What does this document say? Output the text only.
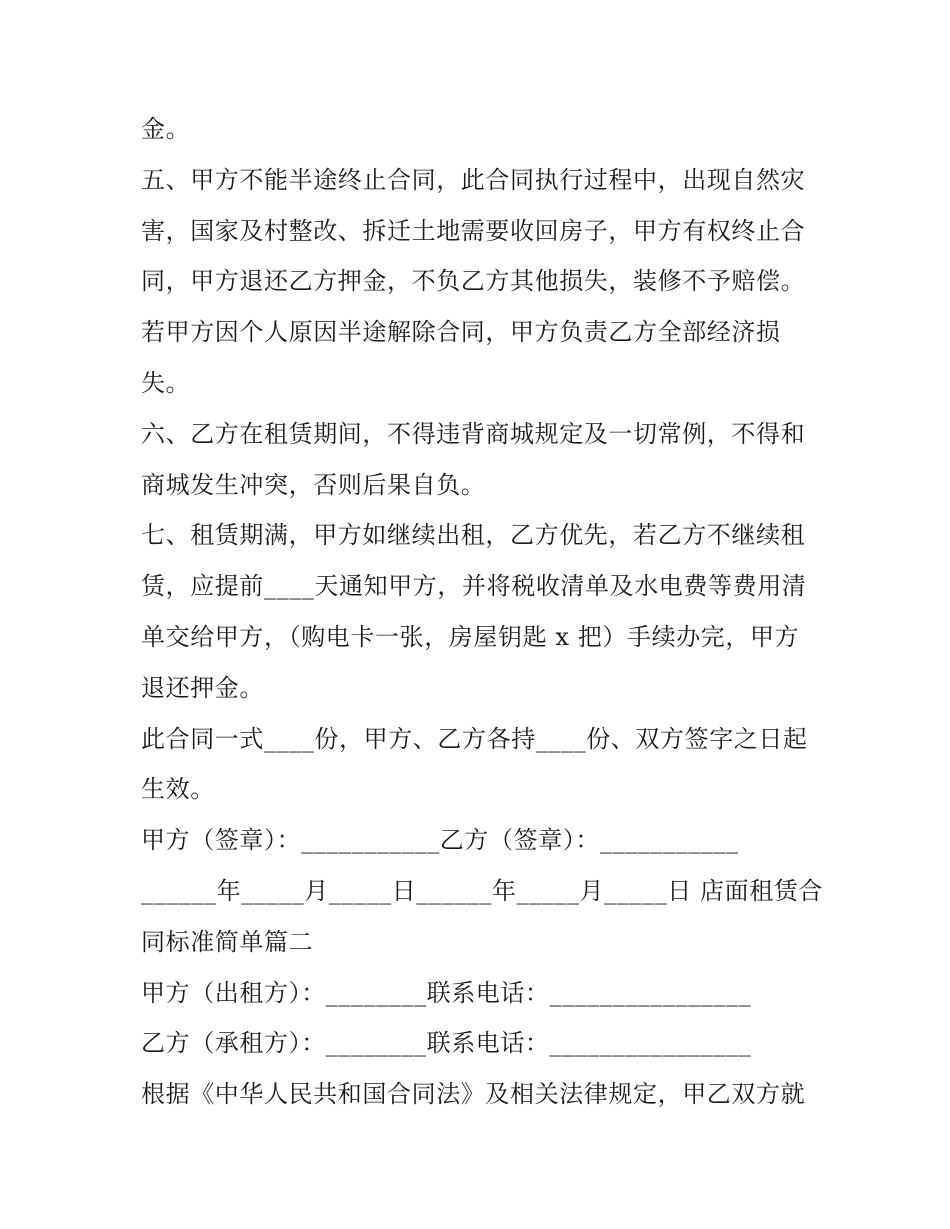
金。
五、甲方不能半途终止合同，此合同执行过程中，出现自然灾
害，国家及村整改、拆迁土地需要收回房子，甲方有权终止合
同，甲方退还乙方押金，不负乙方其他损失，装修不予赔偿。
若甲方因个人原因半途解除合同，甲方负责乙方全部经济损
失。
六、乙方在租赁期间，不得违背商城规定及一切常例，不得和
商城发生冲突，否则后果自负。
七、租赁期满，甲方如继续出租，乙方优先，若乙方不继续租
赁，应提前____天通知甲方，并将税收清单及水电费等费用清
单交给甲方，（购电卡一张，房屋钥匙 x 把）手续办完，甲方
退还押金。
此合同一式____份，甲方、乙方各持____份、双方签字之日起
生效。
甲方（签章）：___________乙方（签章）：___________
______年_____月_____日______年_____月_____日 店面租赁合
同标准简单篇二
甲方（出租方）：________联系电话：________________
乙方（承租方）：________联系电话：________________
根据《中华人民共和国合同法》及相关法律规定，甲乙双方就
